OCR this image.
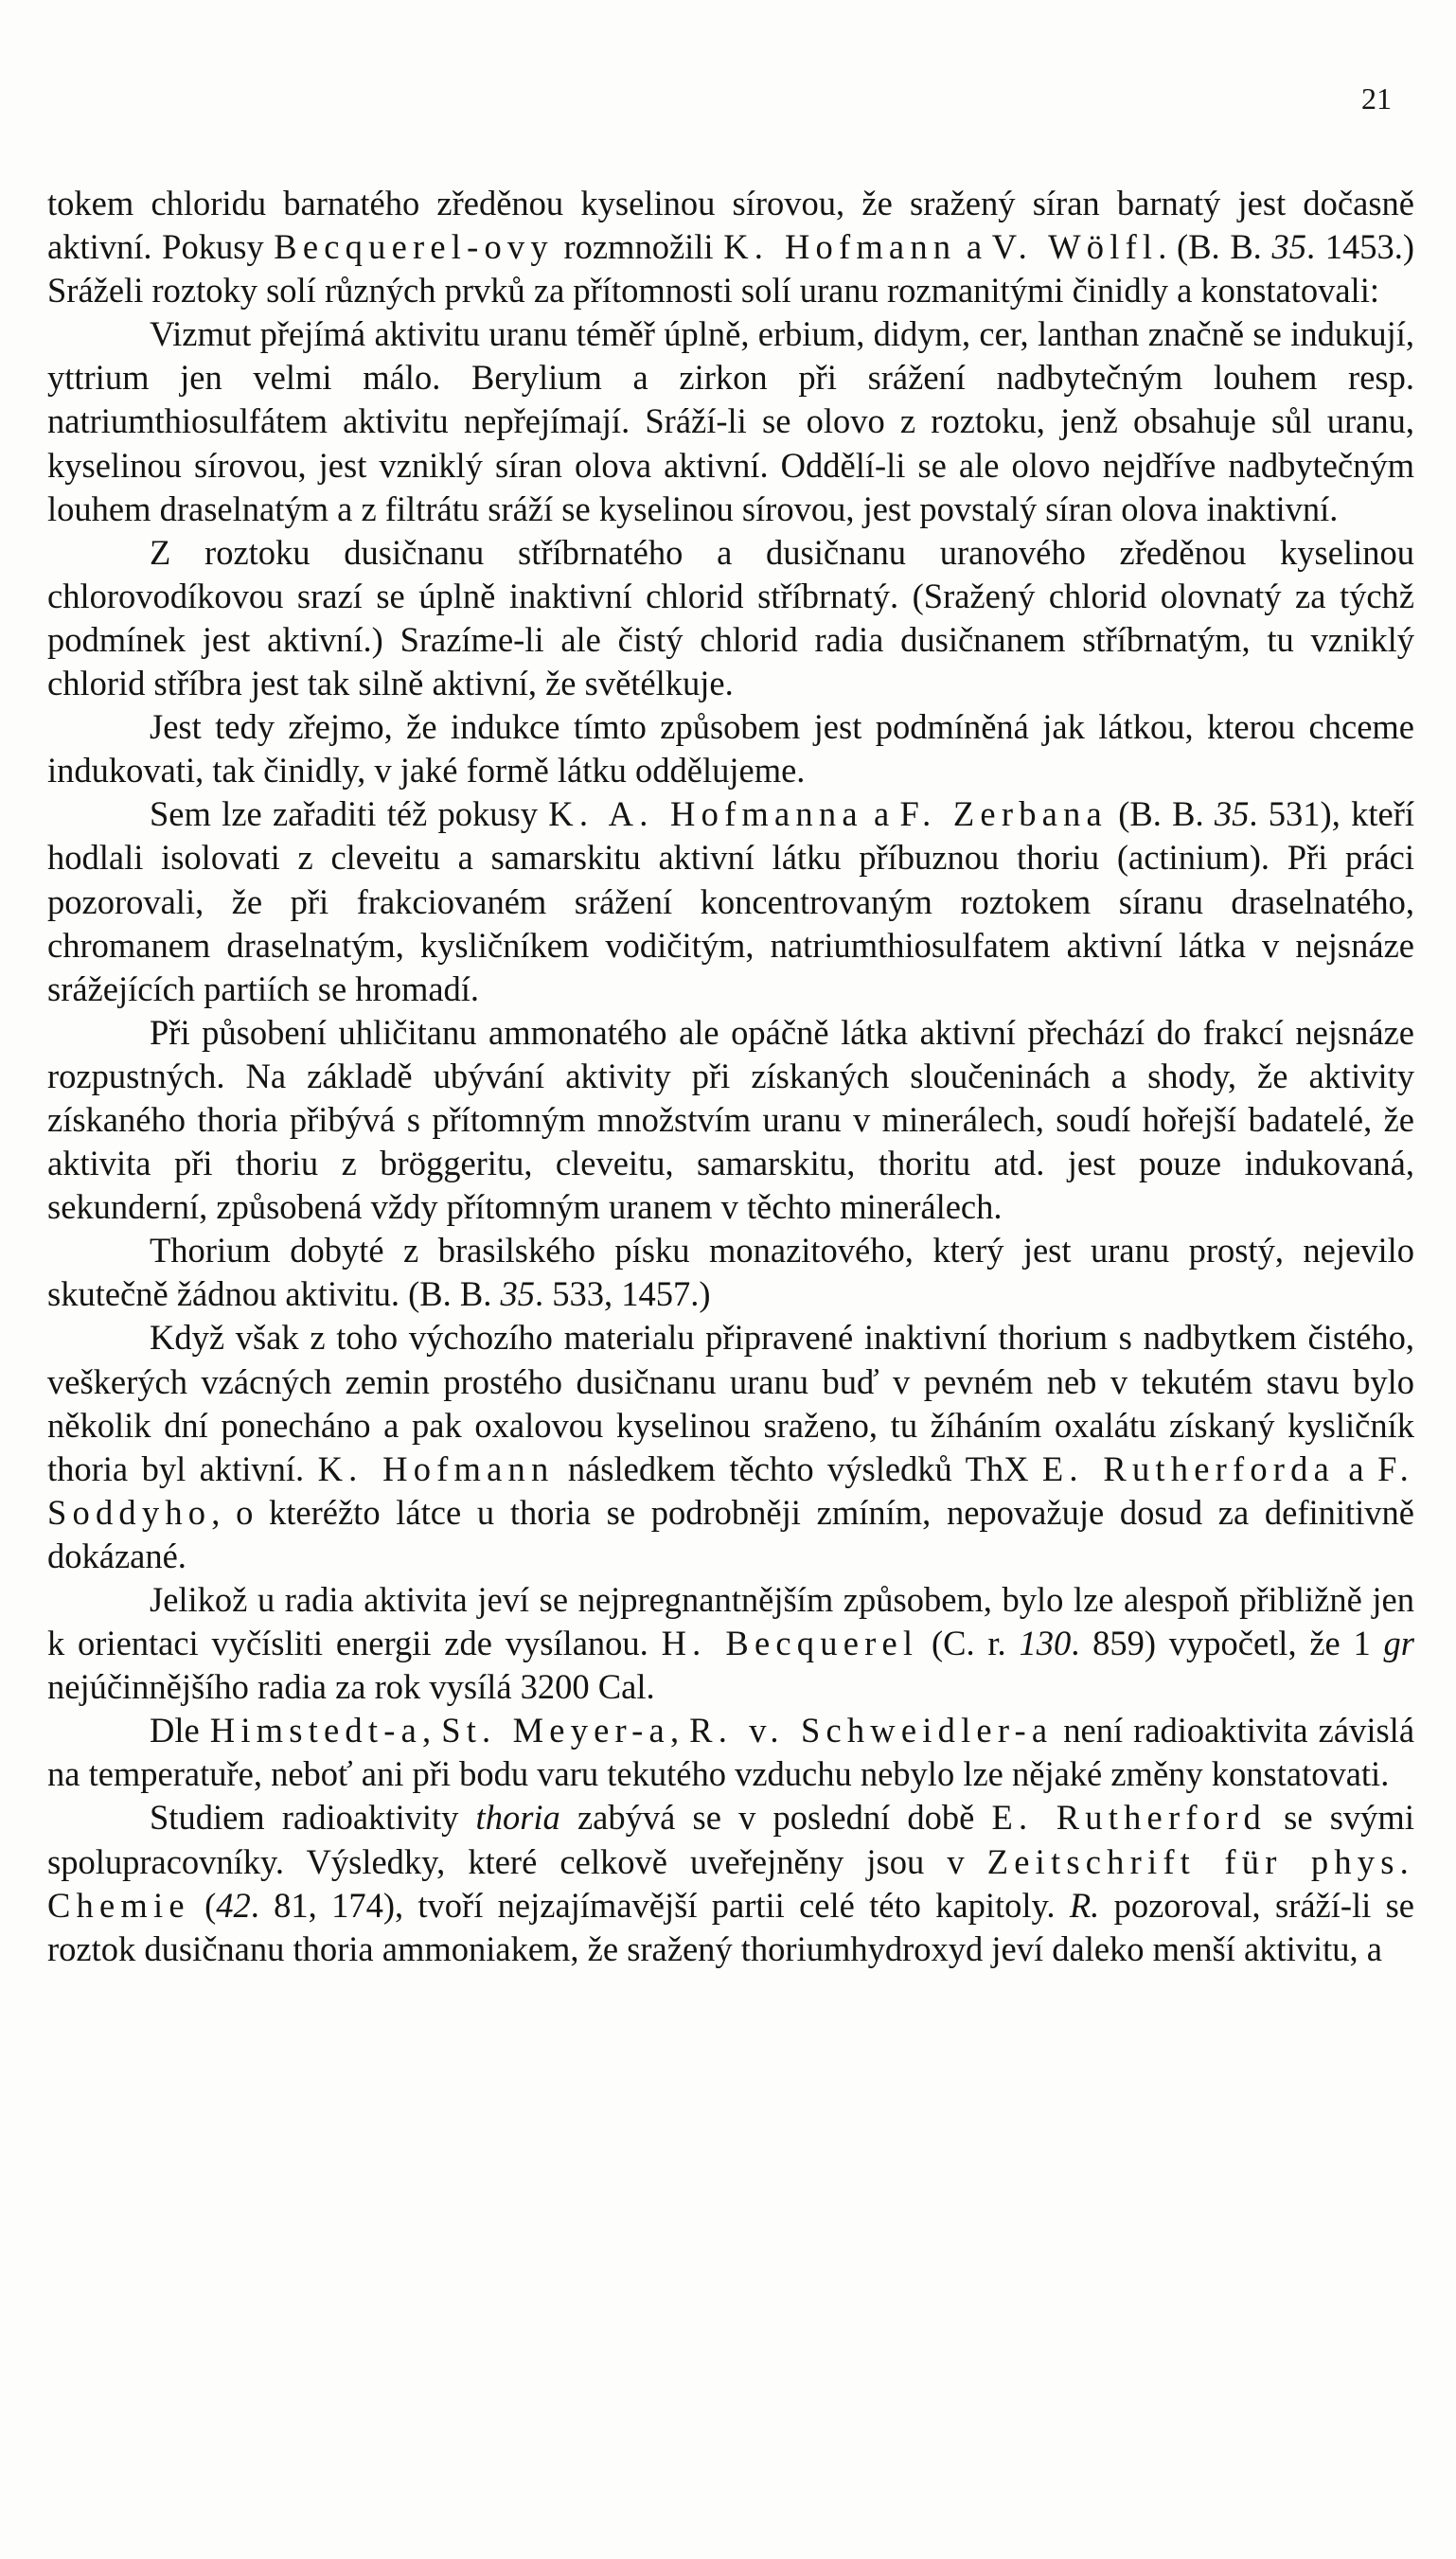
21

tokem chloridu barnatého zředěnou kyselinou sírovou, že sražený síran barnatý jest dočasně aktivní. Pokusy Becquerel-ovy rozmnožili K. Hofmann a V. Wölfl. (B. B. 35. 1453.) Sráželi roztoky solí různých prvků za přítomnosti solí uranu rozmanitými činidly a konstatovali:

Vizmut přejímá aktivitu uranu téměř úplně, erbium, didym, cer, lanthan značně se indukují, yttrium jen velmi málo. Berylium a zirkon při srážení nadbytečným louhem resp. natriumthiosulfátem aktivitu nepřejímají. Sráží-li se olovo z roztoku, jenž obsahuje sůl uranu, kyselinou sírovou, jest vzniklý síran olova aktivní. Oddělí-li se ale olovo nejdříve nadbytečným louhem draselnatým a z filtrátu sráží se kyselinou sírovou, jest povstalý síran olova inaktivní.

Z roztoku dusičnanu stříbrnatého a dusičnanu uranového zředěnou kyselinou chlorovodíkovou srazí se úplně inaktivní chlorid stříbrnatý. (Sražený chlorid olovnatý za týchž podmínek jest aktivní.) Srazíme-li ale čistý chlorid radia dusičnanem stříbrnatým, tu vzniklý chlorid stříbra jest tak silně aktivní, že světélkuje.

Jest tedy zřejmo, že indukce tímto způsobem jest podmíněná jak látkou, kterou chceme indukovati, tak činidly, v jaké formě látku oddělujeme.

Sem lze zařaditi též pokusy K. A. Hofmanna a F. Zerbana (B. B. 35. 531), kteří hodlali isolovati z cleveitu a samarskitu aktivní látku příbuznou thoriu (actinium). Při práci pozorovali, že při frakciovaném srážení koncentrovaným roztokem síranu draselnatého, chromanem draselnatým, kysličníkem vodičitým, natriumthiosulfatem aktivní látka v nejsnáze srážejících partiích se hromadí.

Při působení uhličitanu ammonatého ale opáčně látka aktivní přechází do frakcí nejsnáze rozpustných. Na základě ubývání aktivity při získaných sloučeninách a shody, že aktivity získaného thoria přibývá s přítomným množstvím uranu v minerálech, soudí hořejší badatelé, že aktivita při thoriu z bröggeritu, cleveitu, samarskitu, thoritu atd. jest pouze indukovaná, sekunderní, způsobená vždy přítomným uranem v těchto minerálech.

Thorium dobyté z brasilského písku monazitového, který jest uranu prostý, nejevilo skutečně žádnou aktivitu. (B. B. 35. 533, 1457.)

Když však z toho výchozího materialu připravené inaktivní thorium s nadbytkem čistého, veškerých vzácných zemin prostého dusičnanu uranu buď v pevném neb v tekutém stavu bylo několik dní ponecháno a pak oxalovou kyselinou sraženo, tu žíháním oxalátu získaný kysličník thoria byl aktivní. K. Hofmann následkem těchto výsledků ThX E. Rutherforda a F. Soddyho, o kteréžto látce u thoria se podrobněji zmíním, nepovažuje dosud za definitivně dokázané.

Jelikož u radia aktivita jeví se nejpregnantnějším způsobem, bylo lze alespoň přibližně jen k orientaci vyčísliti energii zde vysílanou. H. Becquerel (C. r. 130. 859) vypočetl, že 1 gr nejúčinnějšího radia za rok vysílá 3200 Cal.

Dle Himstedt-a, St. Meyer-a, R. v. Schweidler-a není radioaktivita závislá na temperatuře, neboť ani při bodu varu tekutého vzduchu nebylo lze nějaké změny konstatovati.

Studiem radioaktivity thoria zabývá se v poslední době E. Rutherford se svými spolupracovníky. Výsledky, které celkově uveřejněny jsou v Zeitschrift für phys. Chemie (42. 81, 174), tvoří nejzajímavější partii celé této kapitoly. R. pozoroval, sráží-li se roztok dusičnanu thoria ammoniakem, že sražený thoriumhydroxyd jeví daleko menší aktivitu, a
